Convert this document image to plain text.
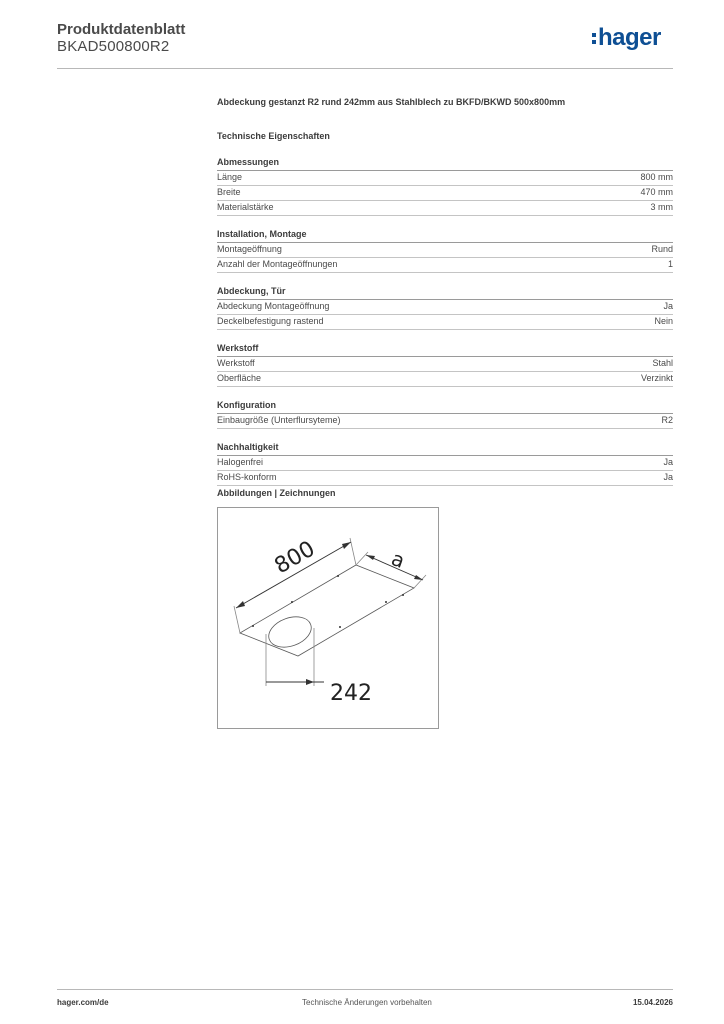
Produktdatenblatt
BKAD500800R2	hager
Abdeckung gestanzt R2 rund 242mm aus Stahlblech zu BKFD/BKWD 500x800mm
Technische Eigenschaften
Abmessungen
Länge	800 mm
Breite	470 mm
Materialstärke	3 mm
Installation, Montage
Montageöffnung	Rund
Anzahl der Montageöffnungen	1
Abdeckung, Tür
Abdeckung Montageöffnung	Ja
Deckelbefestigung rastend	Nein
Werkstoff
Werkstoff	Stahl
Oberfläche	Verzinkt
Konfiguration
Einbaugröße (Unterflursyteme)	R2
Nachhaltigkeit
Halogenfrei	Ja
RoHS-konform	Ja
Abbildungen | Zeichnungen
800	a
242
hager.com/de	Technische Änderungen vorbehalten	15.04.2026
